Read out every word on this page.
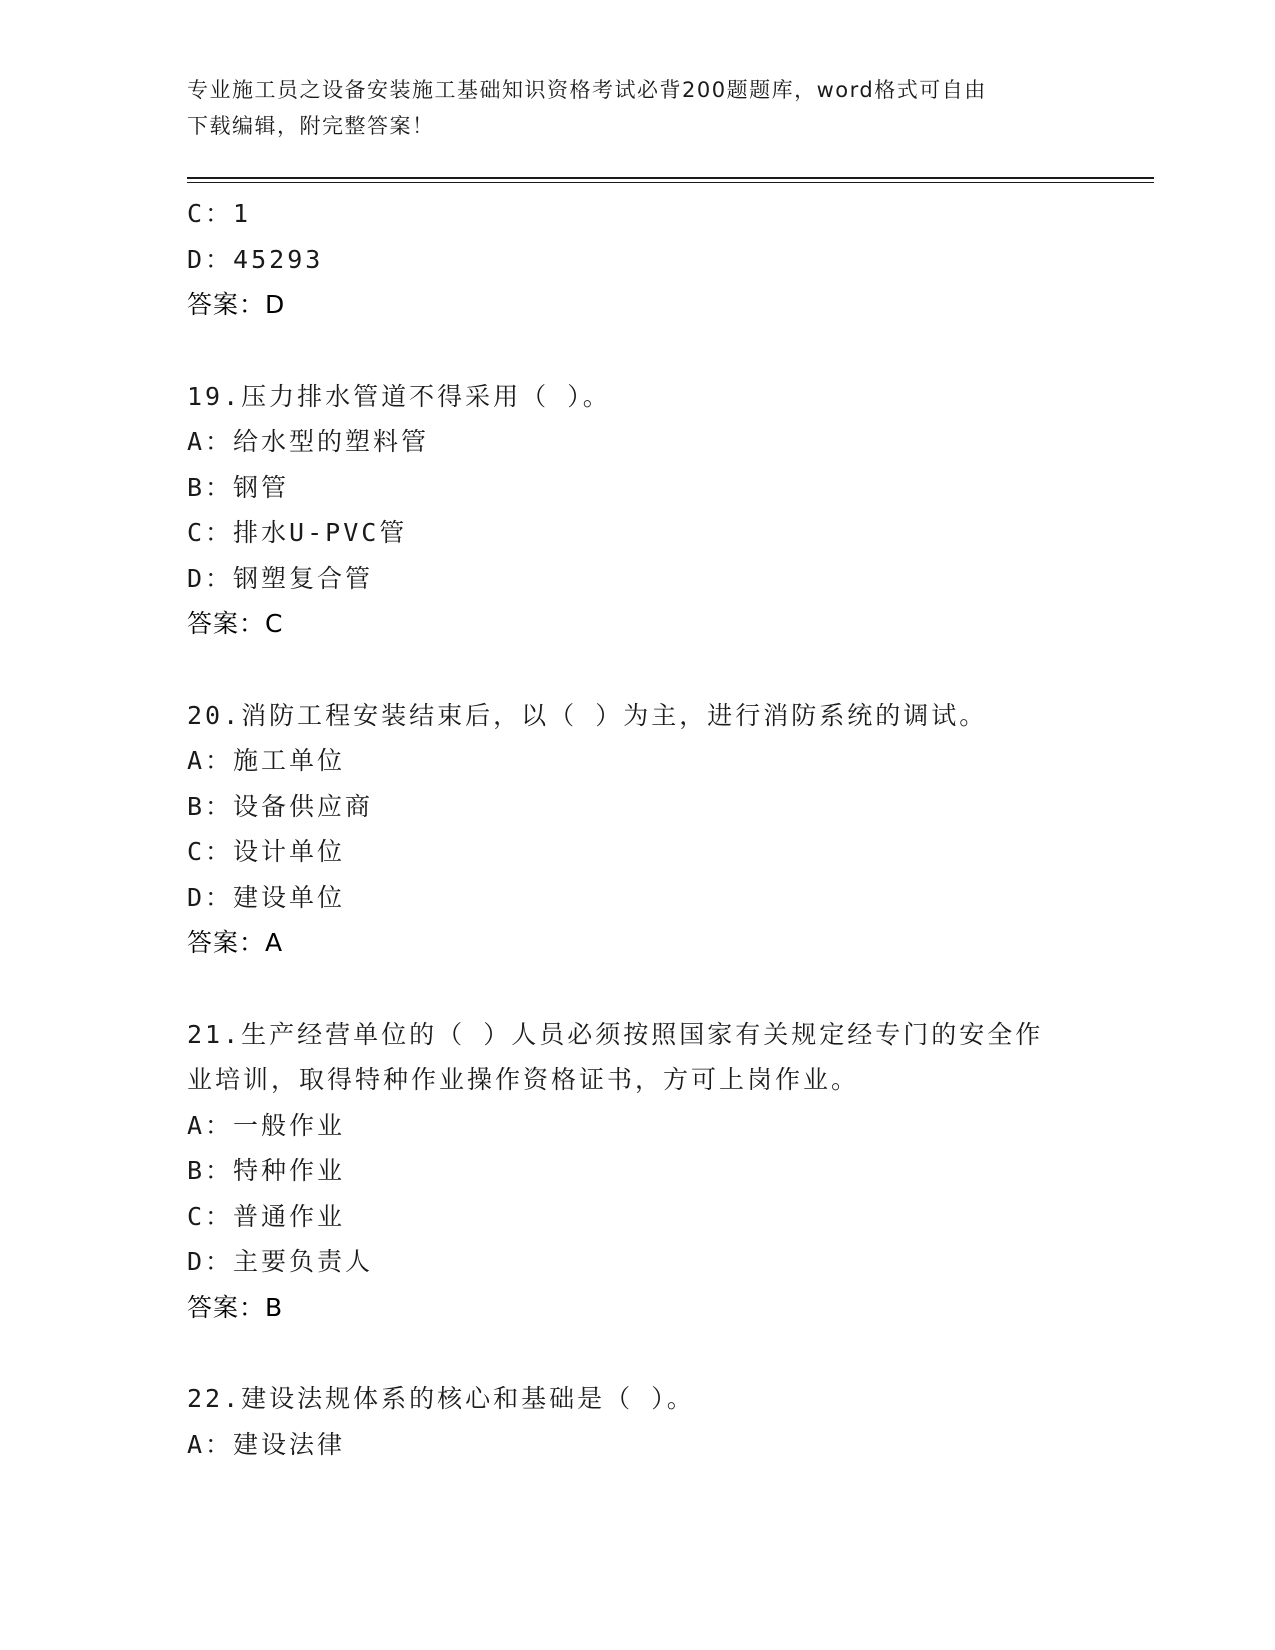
专业施工员之设备安装施工基础知识资格考试必背200题题库，word格式可自由
下载编辑，附完整答案！
C：1
D：45293
答案：D
19.压力排水管道不得采用（ ）。
A：给水型的塑料管
B：钢管
C：排水U-PVC管
D：钢塑复合管
答案：C
20.消防工程安装结束后，以（ ）为主，进行消防系统的调试。
A：施工单位
B：设备供应商
C：设计单位
D：建设单位
答案：A
21.生产经营单位的（ ）人员必须按照国家有关规定经专门的安全作
业培训，取得特种作业操作资格证书，方可上岗作业。
A：一般作业
B：特种作业
C：普通作业
D：主要负责人
答案：B
22.建设法规体系的核心和基础是（ ）。
A：建设法律
